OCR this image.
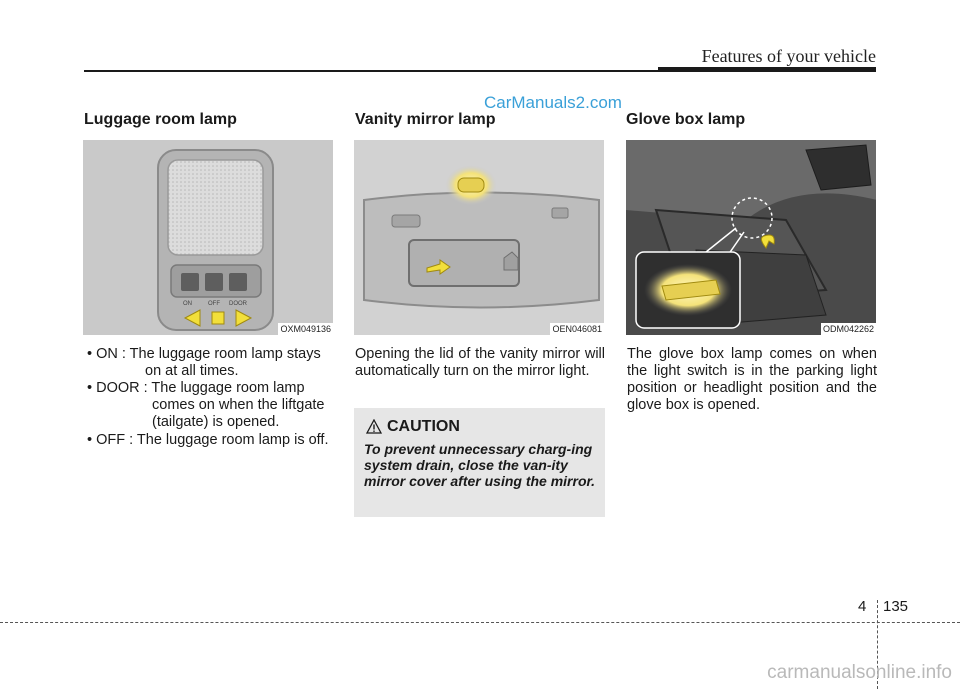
Features of your vehicle
CarManuals2.com
Luggage room lamp
ON	OFF DOOR
OXM049136
• ON : The luggage room lamp stays
on at all times.
• DOOR : The luggage room lamp
comes on when the liftgate
(tailgate) is opened.
• OFF : The luggage room lamp is off.
Vanity mirror lamp
OEN046081
Opening the lid of the vanity mirror will automatically turn on the mirror light.
CAUTION
To prevent unnecessary charg-ing system drain, close the van-ity mirror cover after using the mirror.
Glove box lamp
ODM042262
The glove box lamp comes on when the light switch is in the parking light position or headlight position and the glove box is opened.
4 135
carmanualsonline.info
